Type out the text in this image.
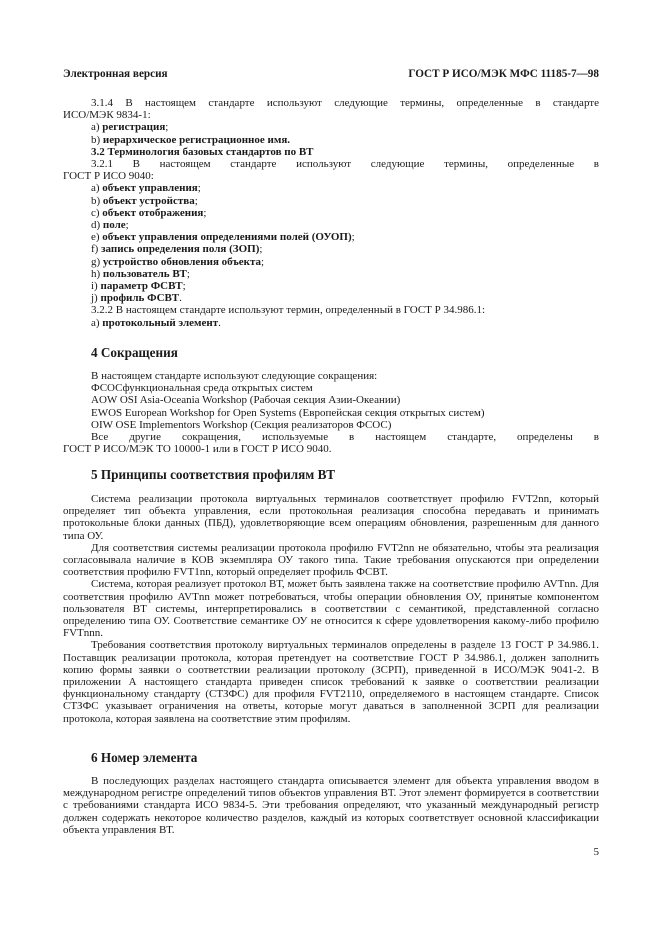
Электронная версия	ГОСТ Р ИСО/МЭК МФС 11185-7—98
3.1.4 В настоящем стандарте используют следующие термины, определенные в стандарте
ИСО/МЭК 9834-1:
а) регистрация;
b) иерархическое регистрационное имя.
3.2 Терминология базовых стандартов по ВТ
3.2.1 В настоящем стандарте используют следующие термины, определенные в
ГОСТ Р ИСО 9040:
а) объект управления;
b) объект устройства;
c) объект отображения;
d) поле;
e) объект управления определениями полей (ОУОП);
f) запись определения поля (ЗОП);
g) устройство обновления объекта;
h) пользователь ВТ;
i) параметр ФСВТ;
j) профиль ФСВТ.
3.2.2 В настоящем стандарте используют термин, определенный в ГОСТ Р 34.986.1:
а) протокольный элемент.
4 Сокращения
В настоящем стандарте используют следующие сокращения:
ФСОСфункциональная среда открытых систем
AOW OSI Asia-Oceania Workshop (Рабочая секция Азии-Океании)
EWOS European Workshop for Open Systems (Европейская секция открытых систем)
OIW OSE Implementors Workshop (Секция реализаторов ФСОС)
Все другие сокращения, используемые в настоящем стандарте, определены в
ГОСТ Р ИСО/МЭК ТО 10000-1 или в ГОСТ Р ИСО 9040.
5 Принципы соответствия профилям ВТ
Система реализации протокола виртуальных терминалов соответствует профилю FVT2nn, который определяет тип объекта управления, если протокольная реализация способна передавать и принимать протокольные блоки данных (ПБД), удовлетворяющие всем операциям обновления, разрешенным для данного типа ОУ.
Для соответствия системы реализации протокола профилю FVT2nn не обязательно, чтобы эта реализация согласовывала наличие в КОВ экземпляра ОУ такого типа. Такие требования опускаются при определении соответствия профилю FVT1nn, который определяет профиль ФСВТ.
Система, которая реализует протокол ВТ, может быть заявлена также на соответствие профилю AVTnn. Для соответствия профилю AVTnn может потребоваться, чтобы операции обновления ОУ, принятые компонентом пользователя ВТ системы, интерпретировались в соответствии с семантикой, представленной согласно определению типа ОУ. Соответствие семантике ОУ не относится к сфере удовлетворения какому-либо профилю FVTnnn.
Требования соответствия протоколу виртуальных терминалов определены в разделе 13 ГОСТ Р 34.986.1. Поставщик реализации протокола, которая претендует на соответствие ГОСТ Р 34.986.1, должен заполнить копию формы заявки о соответствии реализации протоколу (ЗСРП), приведенной в ИСО/МЭК 9041-2. В приложении А настоящего стандарта приведен список требований к заявке о соответствии реализации функциональному стандарту (СТЗФС) для профиля FVT2110, определяемого в настоящем стандарте. Список СТЗФС указывает ограничения на ответы, которые могут даваться в заполненной ЗСРП для реализации протокола, которая заявлена на соответствие этим профилям.
6 Номер элемента
В последующих разделах настоящего стандарта описывается элемент для объекта управления вводом в международном регистре определений типов объектов управления ВТ. Этот элемент формируется в соответствии с требованиями стандарта ИСО 9834-5. Эти требования определяют, что указанный международный регистр должен содержать некоторое количество разделов, каждый из которых соответствует основной классификации объекта управления ВТ.
5
